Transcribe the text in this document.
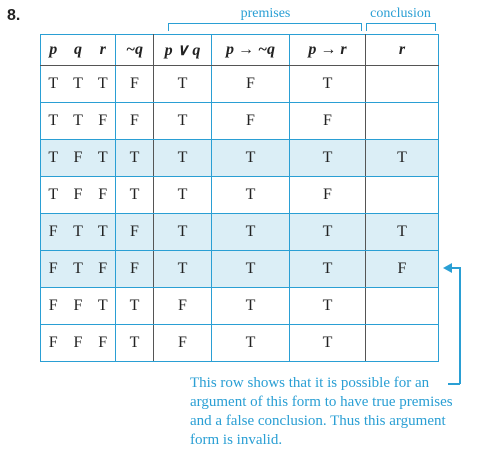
8.	premises	conclusion
p	q	r	~q	p ∨ q	p → ~q	p → r	r
T	T	T	F	T	F	T	
T	T	F	F	T	F	F	
T	F	T	T	T	T	T	T
T	F	F	T	T	T	F	
F	T	T	F	T	T	T	T
F	T	F	F	T	T	T	F
F	F	T	T	F	T	T	
F	F	F	T	F	T	T	
This row shows that it is possible for an argument of this form to have true premises and a false conclusion. Thus this argument form is invalid.
